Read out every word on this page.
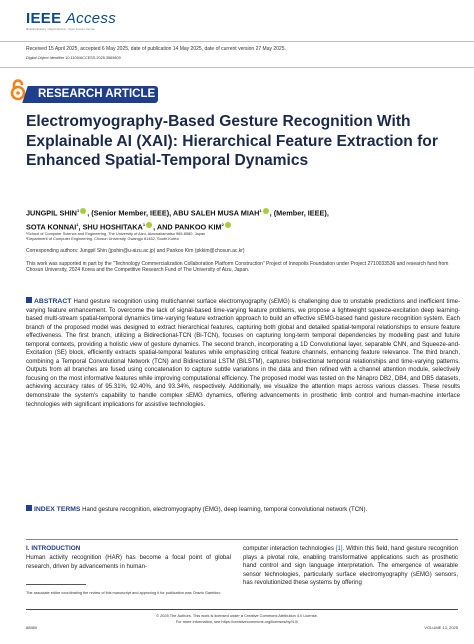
IEEE Access
Multidisciplinary ⁝ Rapid Review ⁝ Open Access Journal
Received 15 April 2025, accepted 6 May 2025, date of publication 14 May 2025, date of current version 27 May 2025.
Digital Object Identifier 10.1109/ACCESS.2025.3569809
RESEARCH ARTICLE
Electromyography-Based Gesture Recognition With Explainable AI (XAI): Hierarchical Feature Extraction for Enhanced Spatial-Temporal Dynamics
JUNGPIL SHIN$^1$ , (Senior Member, IEEE), ABU SALEH MUSA MIAH$^1$ , (Member, IEEE),
SOTA KONNAI$^1$, SHU HOSHITAKA$^1$ , AND PANKOO KIM$^2$
¹School of Computer Science and Engineering, The University of Aizu, Aizuwakamatsu 965-8580, Japan
²Department of Computer Engineering, Chosun University, Gwangju 61452, South Korea
Corresponding authors: Jungpil Shin (jpshin@u-aizu.ac.jp) and Pankoo Kim (pkkim@chosun.ac.kr)
This work was supported in part by the "Technology Commercialization Collaboration Platform Construction" Project of Innopolis Foundation under Project 2710033536 and research fund from Chosun University, 2024 Korea and the Competitive Research Fund of The University of Aizu, Japan.
ABSTRACT Hand gesture recognition using multichannel surface electromyography (sEMG) is challenging due to unstable predictions and inefficient time-varying feature enhancement. To overcome the lack of signal-based time-varying feature problems, we propose a lightweight squeeze-excitation deep learning-based multi-stream spatial-temporal dynamics time-varying feature extraction approach to build an effective sEMG-based hand gesture recognition system. Each branch of the proposed model was designed to extract hierarchical features, capturing both global and detailed spatial-temporal relationships to ensure feature effectiveness. The first branch, utilizing a Bidirectional-TCN (Bi-TCN), focuses on capturing long-term temporal dependencies by modelling past and future temporal contexts, providing a holistic view of gesture dynamics. The second branch, incorporating a 1D Convolutional layer, separable CNN, and Squeeze-and-Excitation (SE) block, efficiently extracts spatial-temporal features while emphasizing critical feature channels, enhancing feature relevance. The third branch, combining a Temporal Convolutional Network (TCN) and Bidirectional LSTM (BiLSTM), captures bidirectional temporal relationships and time-varying patterns. Outputs from all branches are fused using concatenation to capture subtle variations in the data and then refined with a channel attention module, selectively focusing on the most informative features while improving computational efficiency. The proposed model was tested on the Ninapro DB2, DB4, and DB5 datasets, achieving accuracy rates of 95.31%, 92.40%, and 93.34%, respectively. Additionally, we visualize the attention maps across various classes. These results demonstrate the system's capability to handle complex sEMG dynamics, offering advancements in prosthetic limb control and human-machine interface technologies with significant implications for assistive technologies.
INDEX TERMS Hand gesture recognition, electromyography (EMG), deep learning, temporal convolutional network (TCN).
I. INTRODUCTION
Human activity recognition (HAR) has become a focal point of global research, driven by advancements in human-
computer interaction technologies [1]. Within this field, hand gesture recognition plays a pivotal role, enabling transformative applications such as prosthetic hand control and sign language interpretation. The emergence of wearable sensor technologies, particularly surface electromyography (sEMG) sensors, has revolutionized these systems by offering
The associate editor coordinating the review of this manuscript and approving it for publication was Orazio Gambino
88950
© 2025 The Authors. This work is licensed under a Creative Commons Attribution 4.0 License.
For more information, see https://creativecommons.org/licenses/by/4.0/
VOLUME 13, 2025
